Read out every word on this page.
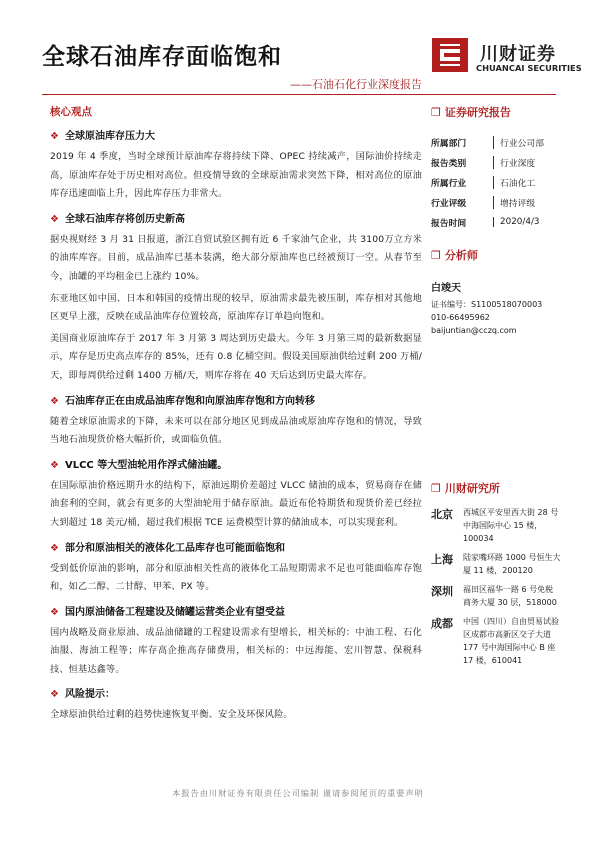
全球石油库存面临饱和
——石油石化行业深度报告
川财证券
CHUANCAI SECURITIES
核心观点
❖ 全球原油库存压力大

2019 年 4 季度，当时全球预计原油库存将持续下降、OPEC 持续减产，国际油价持续走高，原油库存处于历史相对高位。但疫情导致的全球原油需求突然下降，相对高位的原油库存迅速面临上升，因此库存压力非常大。

❖ 全球石油库存将创历史新高

据央视财经 3 月 31 日报道，浙江自贸试验区拥有近 6 千家油气企业，共 3100万立方米的油库库容。目前，成品油库已基本装满，绝大部分原油库也已经被预订一空。从春节至今，油罐的平均租金已上涨约 10%。

东亚地区如中国、日本和韩国的疫情出现的较早，原油需求最先被压制，库存相对其他地区更早上涨，反映在成品油库存位置较高，原油库存订单趋向饱和。

美国商业原油库存于 2017 年 3 月第 3 周达到历史最大。今年 3 月第三周的最新数据显示，库存是历史高点库存的 85%，还有 0.8 亿桶空间。假设美国原油供给过剩 200 万桶/天，即每周供给过剩 1400 万桶/天，则库存将在 40 天后达到历史最大库存。

❖ 石油库存正在由成品油库存饱和向原油库存饱和方向转移

随着全球原油需求的下降，未来可以在部分地区见到成品油或原油库存饱和的情况，导致当地石油现货价格大幅折价，或面临负值。

❖ VLCC 等大型油轮用作浮式储油罐。

在国际原油价格远期升水的结构下，原油远期价差超过 VLCC 储油的成本，贸易商存在储油套利的空间，就会有更多的大型油轮用于储存原油。最近布伦特期货和现货价差已经拉大到超过 18 美元/桶，超过我们根据 TCE 运费模型计算的储油成本，可以实现套利。

❖ 部分和原油相关的液体化工品库存也可能面临饱和

受到低价原油的影响，部分和原油相关性高的液体化工品短期需求不足也可能面临库存饱和，如乙二醇、二甘醇、甲苯、PX 等。

❖ 国内原油储备工程建设及储罐运营类企业有望受益

国内战略及商业原油、成品油储罐的工程建设需求有望增长，相关标的：中油工程、石化油服、海油工程等；库存高企推高存储费用，相关标的：中远海能、宏川智慧、保税科技、恒基达鑫等。

❖ 风险提示：

全球原油供给过剩的趋势快速恢复平衡、安全及环保风险。

❐ 证券研究报告
所属部门	行业公司部
报告类别	行业深度
所属行业	石油化工
行业评级	增持评级
报告时间	2020/4/3
❐ 分析师
白竣天
证书编号：S1100518070003
010-66495962
baijuntian@cczq.com
❐ 川财研究所
北京	西城区平安里西大街 28 号中海国际中心 15 楼，100034
上海	陆家嘴环路 1000 号恒生大厦 11 楼，200120
深圳	福田区福华一路 6 号免税商务大厦 30 层，518000
成都	中国（四川）自由贸易试验区成都市高新区交子大道 177 号中海国际中心 B 座 17 楼，610041
本报告由川财证券有限责任公司编制 谨请参阅尾页的重要声明
